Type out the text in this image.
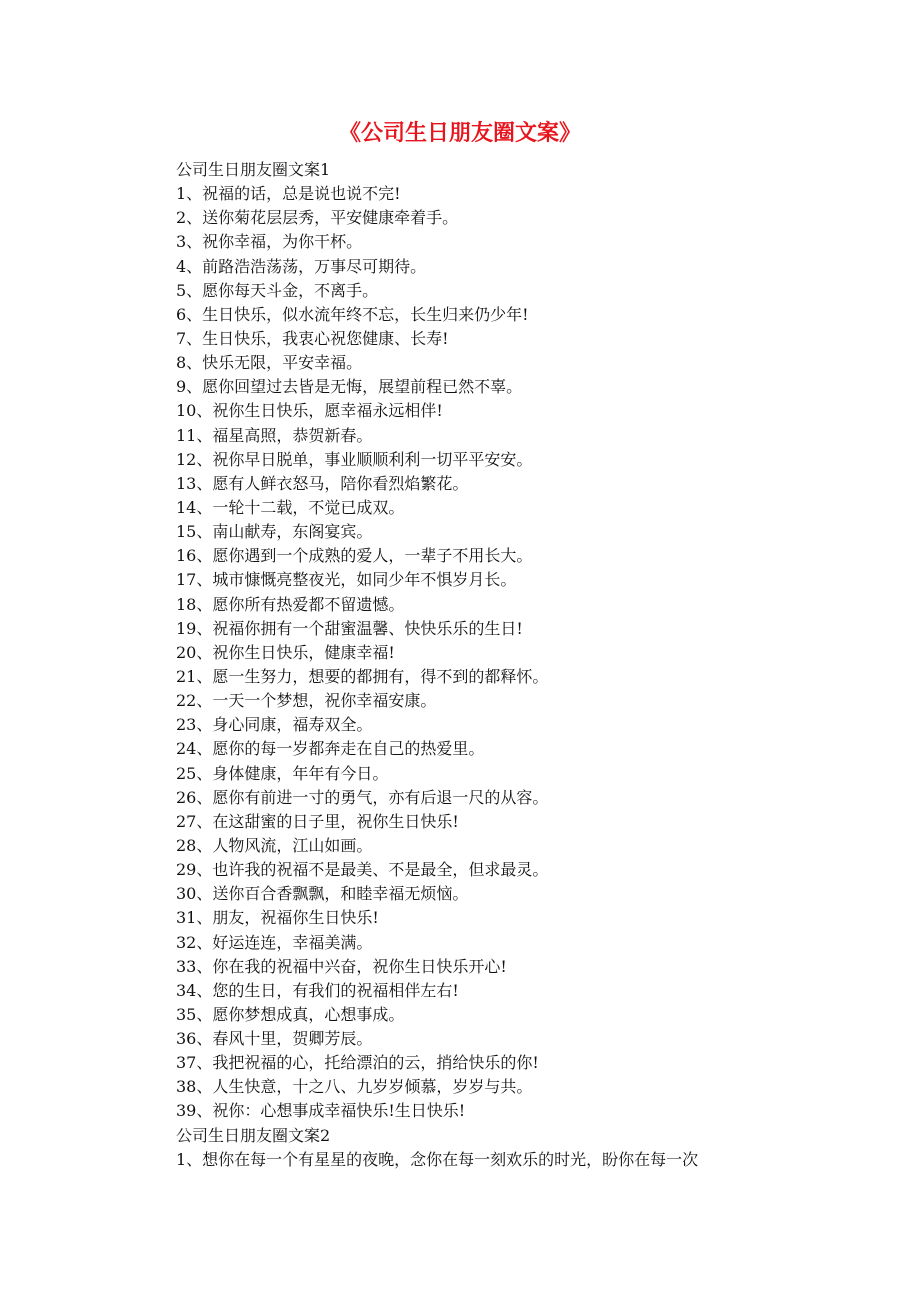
《公司生日朋友圈文案》
公司生日朋友圈文案1
1、祝福的话，总是说也说不完!
2、送你菊花层层秀，平安健康牵着手。
3、祝你幸福，为你干杯。
4、前路浩浩荡荡，万事尽可期待。
5、愿你每天斗金，不离手。
6、生日快乐，似水流年终不忘，长生归来仍少年!
7、生日快乐，我衷心祝您健康、长寿!
8、快乐无限，平安幸福。
9、愿你回望过去皆是无悔，展望前程已然不辜。
10、祝你生日快乐，愿幸福永远相伴!
11、福星高照，恭贺新春。
12、祝你早日脱单，事业顺顺利利一切平平安安。
13、愿有人鲜衣怒马，陪你看烈焰繁花。
14、一轮十二载，不觉已成双。
15、南山献寿，东阁宴宾。
16、愿你遇到一个成熟的爱人，一辈子不用长大。
17、城市慷慨亮整夜光，如同少年不惧岁月长。
18、愿你所有热爱都不留遗憾。
19、祝福你拥有一个甜蜜温馨、快快乐乐的生日!
20、祝你生日快乐，健康幸福!
21、愿一生努力，想要的都拥有，得不到的都释怀。
22、一天一个梦想，祝你幸福安康。
23、身心同康，福寿双全。
24、愿你的每一岁都奔走在自己的热爱里。
25、身体健康，年年有今日。
26、愿你有前进一寸的勇气，亦有后退一尺的从容。
27、在这甜蜜的日子里，祝你生日快乐!
28、人物风流，江山如画。
29、也许我的祝福不是最美、不是最全，但求最灵。
30、送你百合香飘飘，和睦幸福无烦恼。
31、朋友，祝福你生日快乐!
32、好运连连，幸福美满。
33、你在我的祝福中兴奋，祝你生日快乐开心!
34、您的生日，有我们的祝福相伴左右!
35、愿你梦想成真，心想事成。
36、春风十里，贺卿芳辰。
37、我把祝福的心，托给漂泊的云，捎给快乐的你!
38、人生快意，十之八、九岁岁倾慕，岁岁与共。
39、祝你：心想事成幸福快乐!生日快乐!
公司生日朋友圈文案2
1、想你在每一个有星星的夜晚，念你在每一刻欢乐的时光，盼你在每一次
